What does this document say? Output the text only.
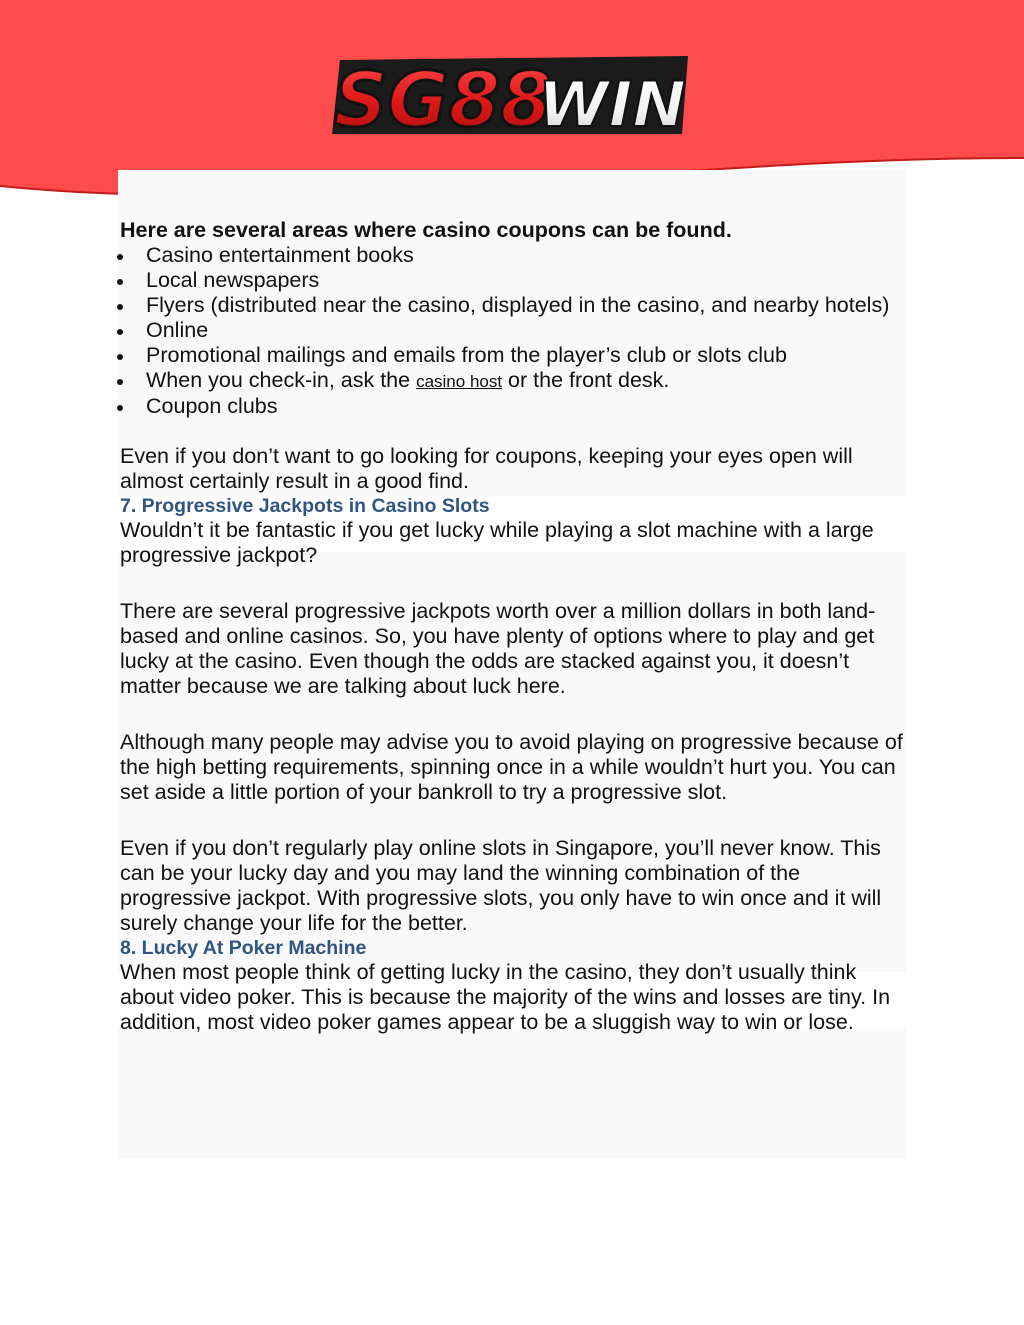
SG88
WIN

Here are several areas where casino coupons can be found.

Casino entertainment books
Local newspapers
Flyers (distributed near the casino, displayed in the casino, and nearby hotels)
Online
Promotional mailings and emails from the player’s club or slots club
When you check-in, ask the casino host or the front desk.
Coupon clubs

Even if you don’t want to go looking for coupons, keeping your eyes open will almost certainly result in a good find.

7. Progressive Jackpots in Casino Slots

Wouldn’t it be fantastic if you get lucky while playing a slot machine with a large progressive jackpot?

There are several progressive jackpots worth over a million dollars in both land-based and online casinos. So, you have plenty of options where to play and get lucky at the casino. Even though the odds are stacked against you, it doesn’t matter because we are talking about luck here.

Although many people may advise you to avoid playing on progressive because of the high betting requirements, spinning once in a while wouldn’t hurt you. You can set aside a little portion of your bankroll to try a progressive slot.

Even if you don’t regularly play online slots in Singapore, you’ll never know. This can be your lucky day and you may land the winning combination of the progressive jackpot. With progressive slots, you only have to win once and it will surely change your life for the better.

8. Lucky At Poker Machine

When most people think of getting lucky in the casino, they don’t usually think about video poker. This is because the majority of the wins and losses are tiny. In addition, most video poker games appear to be a sluggish way to win or lose.
